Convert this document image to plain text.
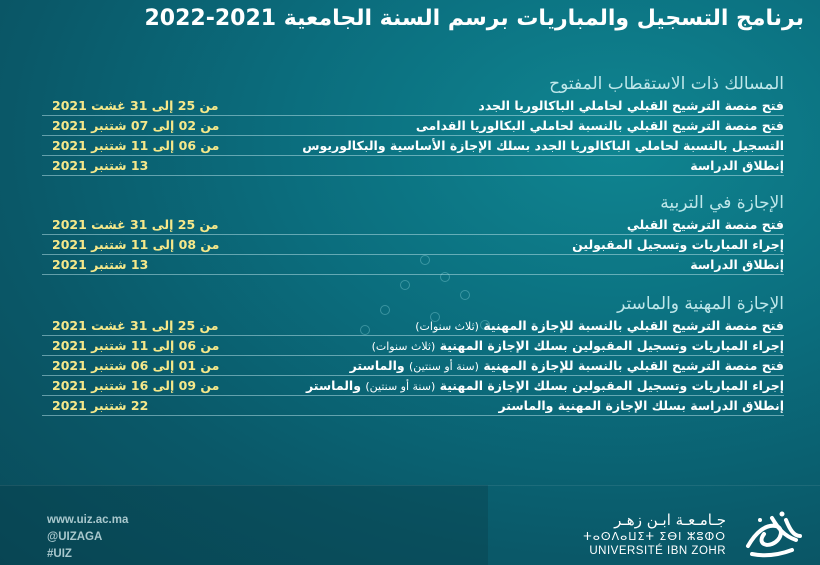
برنامج التسجيل والمباريات برسم السنة الجامعية 2021-2022
المسالك ذات الاستقطاب المفتوح
فتح منصة الترشيح القبلي لحاملي الباكالوريا الجدد
من 25 إلى 31 غشت 2021
فتح منصة الترشيح القبلي بالنسبة لحاملي البكالوريا القدامى
من 02 إلى 07 شتنبر 2021
التسجيل بالنسبة لحاملي الباكالوريا الجدد بسلك الإجازة الأساسية والبكالوريوس
من 06 إلى 11 شتنبر 2021
إنطلاق الدراسة
13 شتنبر 2021
الإجازة في التربية
فتح منصة الترشيح القبلي
من 25 إلى 31 غشت 2021
إجراء المباريات وتسجيل المقبولين
من 08 إلى 11 شتنبر 2021
إنطلاق الدراسة
13 شتنبر 2021
الإجازة المهنية والماستر
فتح منصة الترشيح القبلي بالنسبة للإجازة المهنية (ثلاث سنوات)
من 25 إلى 31 غشت 2021
إجراء المباريات وتسجيل المقبولين بسلك الإجازة المهنية (ثلاث سنوات)
من 06 إلى 11 شتنبر 2021
فتح منصة الترشيح القبلي بالنسبة للإجازة المهنية (سنة أو سنتين) والماستر
من 01 إلى 06 شتنبر 2021
إجراء المباريات وتسجيل المقبولين بسلك الإجازة المهنية (سنة أو سنتين) والماستر
من 09 إلى 16 شتنبر 2021
إنطلاق الدراسة بسلك الإجازة المهنية والماستر
22 شتنبر 2021
www.uiz.ac.ma
@UIZAGA
#UIZ
جـامـعـة ابـن زهـر
ⵜⴰⵙⴷⴰⵡⵉⵜ ⵉⴱⵏ ⵣⵓⵀⵔ
UNIVERSITÉ IBN ZOHR
